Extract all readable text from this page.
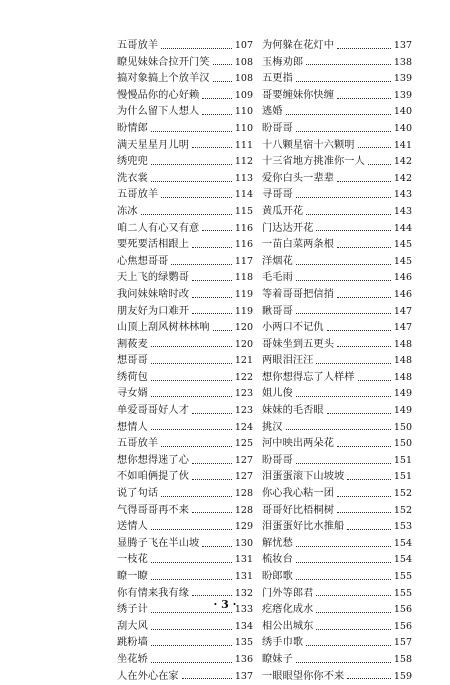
五哥放羊	107
瞭见妹妹合拉开门笑	108
搞对象搞上个放羊汉	108
慢慢品你的心好赖	109
为什么留下人想人	110
盼情郎	110
满天星星月儿明	111
绣兜兜	112
洗衣裳	113
五哥放羊	114
冻冰	115
咱二人有心又有意	116
要死要活相跟上	116
心焦想哥哥	117
天上飞的绿鹦哥	118
我问妹妹啥时改	119
朋友好为口难开	119
山顶上刮风树林林响	120
割莜麦	120
想哥哥	121
绣荷包	122
寻女婿	123
单爱哥哥好人才	123
想情人	124
五哥放羊	125
想你想得迷了心	127
不如咱俩提了伙	127
说了句话	128
气得哥哥再不来	128
送情人	129
显腾子飞在半山坡	130
一枝花	131
瞭一瞭	131
你有情来我有缘	132
绣子计	133
刮大风	134
跳粉墙	135
坐花轿	136
人在外心在家	137
为何躲在花灯中	137
玉梅劝郎	138
五更指	139
哥要缠妹你快缠	139
逃婚	140
盼哥哥	140
十八颗星宿十六颗明	141
十三省地方挑准你一人	142
爱你白头一辈辈	142
寻哥哥	143
黄瓜开花	143
门达达开花	144
一苗白菜两条根	145
洋烟花	145
毛毛雨	146
等着哥哥把信捎	146
瞅哥哥	147
小两口不记仇	147
哥妹坐到五更头	148
两眼泪汪汪	148
想你想得忘了人样样	148
姐儿俊	149
妹妹的毛否眼	149
挑汉	150
河中映出两朵花	150
盼哥哥	151
泪蛋蛋滚下山坡坡	151
你心我心粘一团	152
哥哥好比梧桐树	152
泪蛋蛋好比水推船	153
解忧愁	154
梳妆台	154
盼郎歌	155
门外等郎君	155
疙瘩化成水	156
相公出城东	156
绣手巾歌	157
瞭妹子	158
一眼眼望你你不来	159
· 3 ·
